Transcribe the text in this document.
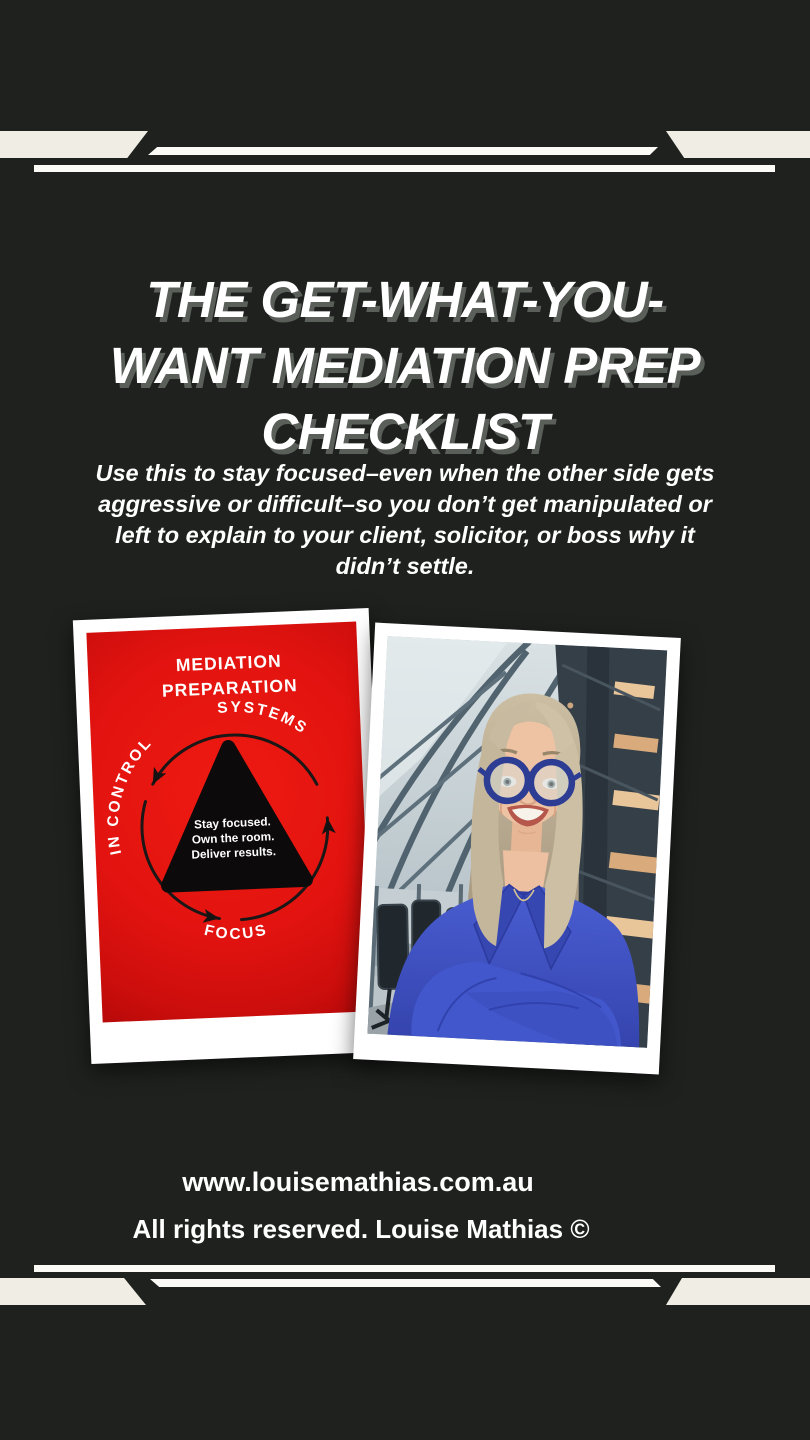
THE GET-WHAT-YOU-
WANT MEDIATION PREP
CHECKLIST
Use this to stay focused–even when the other side gets
aggressive or difficult–so you don’t get manipulated or
left to explain to your client, solicitor, or boss why it
didn’t settle.
MEDIATION
PREPARATION
Stay focused.
Own the room.
Deliver results.
SYSTEMS
IN CONTROL
FOCUS
www.louisemathias.com.au
All rights reserved. Louise Mathias ©
